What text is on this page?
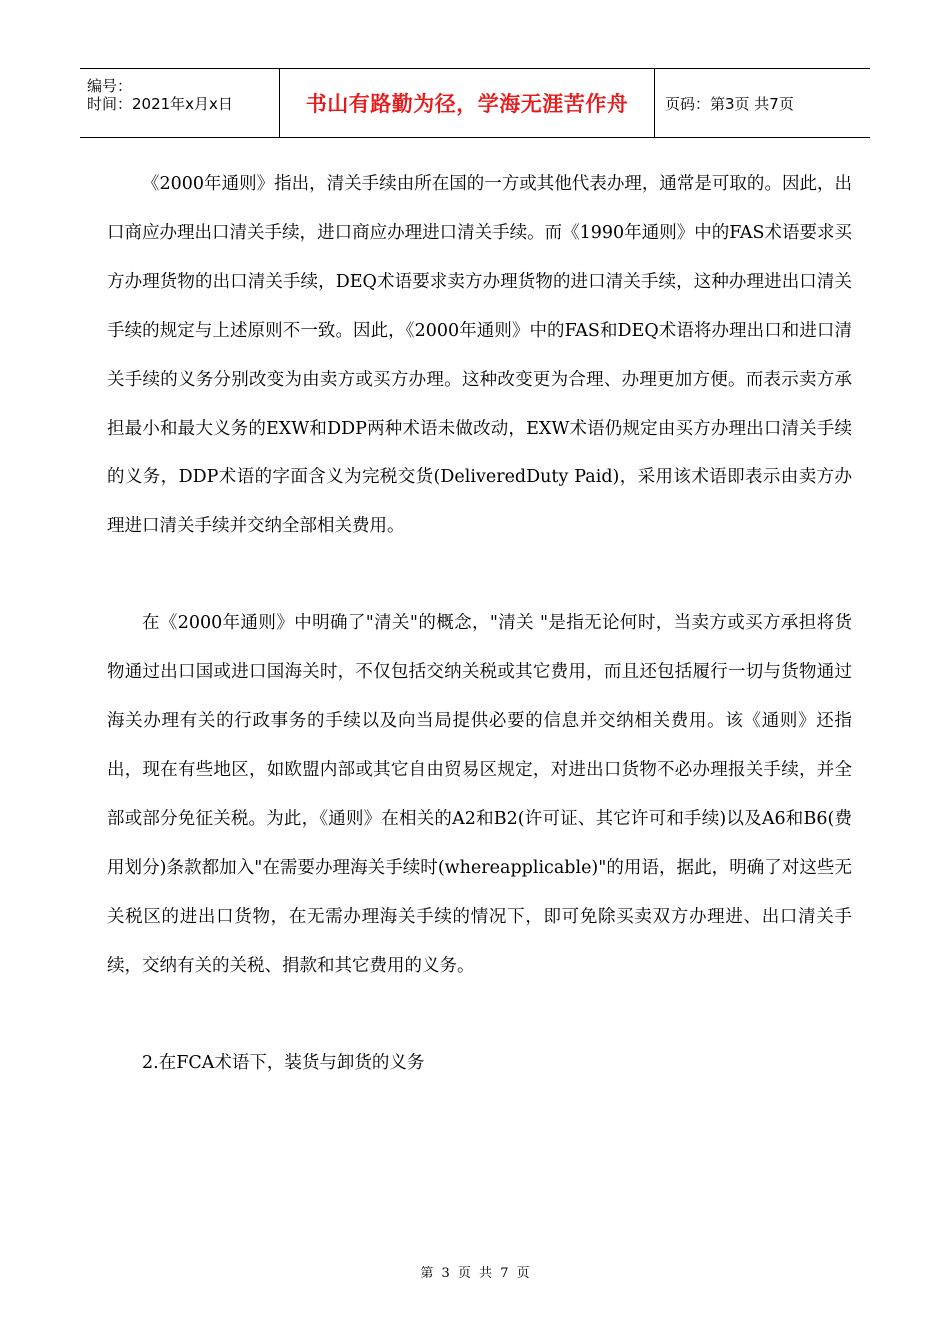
编号：
时间：2021年x月x日	书山有路勤为径，学海无涯苦作舟 页码：第3页 共7页

《2000年通则》指出，清关手续由所在国的一方或其他代表办理，通常是可取的。因此，出口商应办理出口清关手续，进口商应办理进口清关手续。而《1990年通则》中的FAS术语要求买方办理货物的出口清关手续，DEQ术语要求卖方办理货物的进口清关手续，这种办理进出口清关手续的规定与上述原则不一致。因此，《2000年通则》中的FAS和DEQ术语将办理出口和进口清关手续的义务分别改变为由卖方或买方办理。这种改变更为合理、办理更加方便。而表示卖方承担最小和最大义务的EXW和DDP两种术语未做改动，EXW术语仍规定由买方办理出口清关手续的义务，DDP术语的字面含义为完税交货(DeliveredDuty Paid)，采用该术语即表示由卖方办理进口清关手续并交纳全部相关费用。

在《2000年通则》中明确了"清关"的概念，"清关 "是指无论何时，当卖方或买方承担将货物通过出口国或进口国海关时，不仅包括交纳关税或其它费用，而且还包括履行一切与货物通过海关办理有关的行政事务的手续以及向当局提供必要的信息并交纳相关费用。该《通则》还指出，现在有些地区，如欧盟内部或其它自由贸易区规定，对进出口货物不必办理报关手续，并全部或部分免征关税。为此，《通则》在相关的A2和B2(许可证、其它许可和手续)以及A6和B6(费用划分)条款都加入"在需要办理海关手续时(whereapplicable)"的用语，据此，明确了对这些无关税区的进出口货物，在无需办理海关手续的情况下，即可免除买卖双方办理进、出口清关手续，交纳有关的关税、捐款和其它费用的义务。

2.在FCA术语下，装货与卸货的义务

第 3 页 共 7 页
